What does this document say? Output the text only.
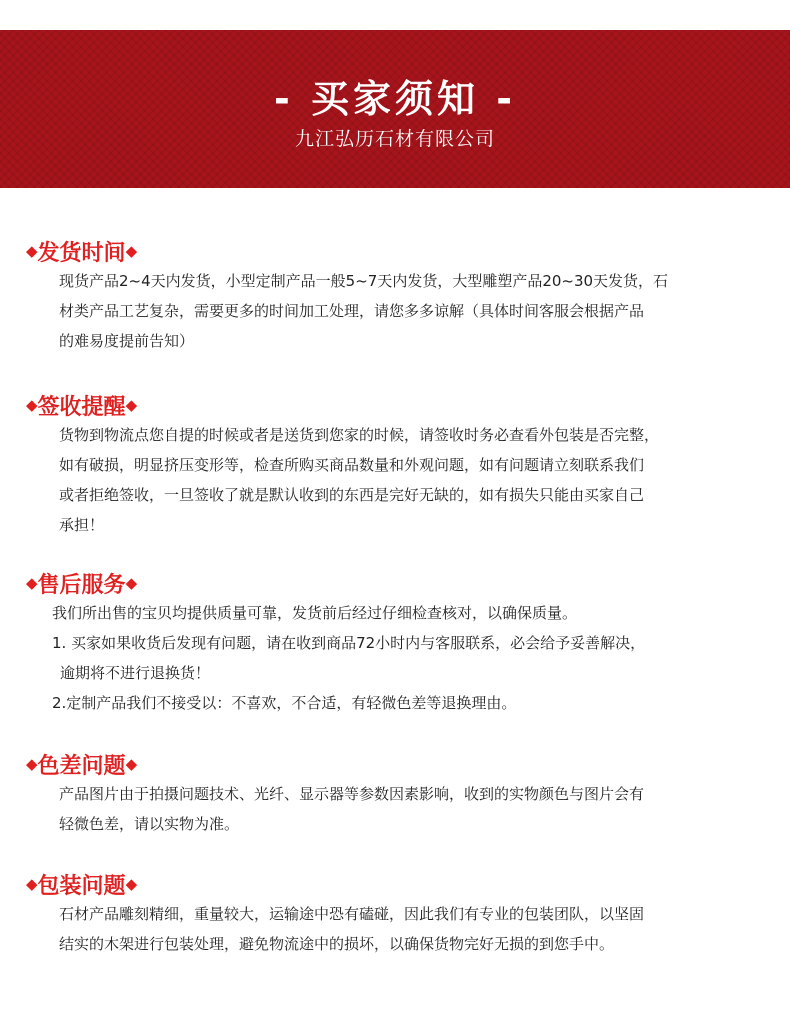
- 买家须知 -
九江弘历石材有限公司
◆ 发货时间 ◆

现货产品2~4天内发货，小型定制产品一般5~7天内发货，大型雕塑产品20~30天发货，石

材类产品工艺复杂，需要更多的时间加工处理，请您多多谅解（具体时间客服会根据产品

的难易度提前告知）

◆ 签收提醒 ◆

货物到物流点您自提的时候或者是送货到您家的时候，请签收时务必查看外包装是否完整，

如有破损，明显挤压变形等，检查所购买商品数量和外观问题，如有问题请立刻联系我们

或者拒绝签收，一旦签收了就是默认收到的东西是完好无缺的，如有损失只能由买家自己

承担！

◆ 售后服务 ◆

我们所出售的宝贝均提供质量可靠，发货前后经过仔细检查核对，以确保质量。

1. 买家如果收货后发现有问题，请在收到商品72小时内与客服联系，必会给予妥善解决，

逾期将不进行退换货！

2.定制产品我们不接受以：不喜欢，不合适，有轻微色差等退换理由。

◆ 色差问题 ◆

产品图片由于拍摄问题技术、光纤、显示器等参数因素影响，收到的实物颜色与图片会有

轻微色差，请以实物为准。

◆ 包装问题 ◆

石材产品雕刻精细，重量较大，运输途中恐有磕碰，因此我们有专业的包装团队，以坚固

结实的木架进行包装处理，避免物流途中的损坏，以确保货物完好无损的到您手中。
